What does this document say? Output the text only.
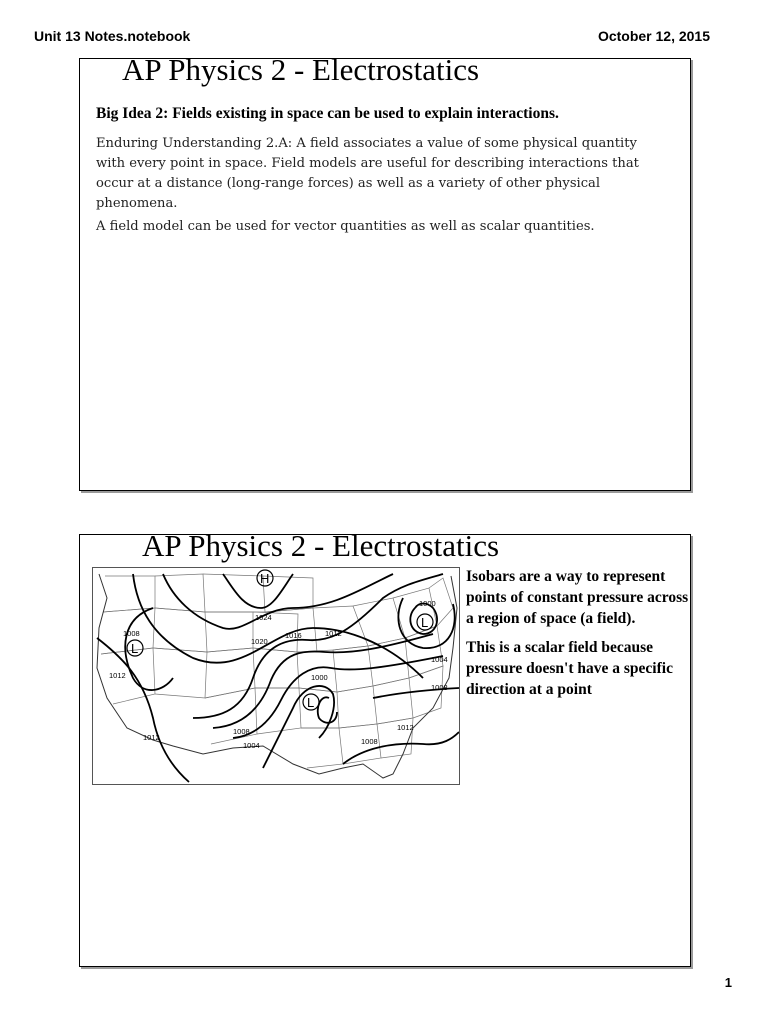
Unit 13 Notes.notebook	October 12, 2015
AP Physics 2 - Electrostatics
Big Idea 2: Fields existing in space can be used to explain interactions.
Enduring Understanding 2.A: A field associates a value of some physical quantity with every point in space. Field models are useful for describing interactions that occur at a distance (long-range forces) as well as a variety of other physical phenomena.
A field model can be used for vector quantities as well as scalar quantities.
AP Physics 2 - Electrostatics
H
L
L
L
1008
1012
1024
1020
1016	1012
1000
1004
1008
1000
1008
1004
1012	1008
1012

Isobars are a way to represent points of constant pressure across a region of space (a field).

This is a scalar field because pressure doesn't have a specific direction at a point

1
